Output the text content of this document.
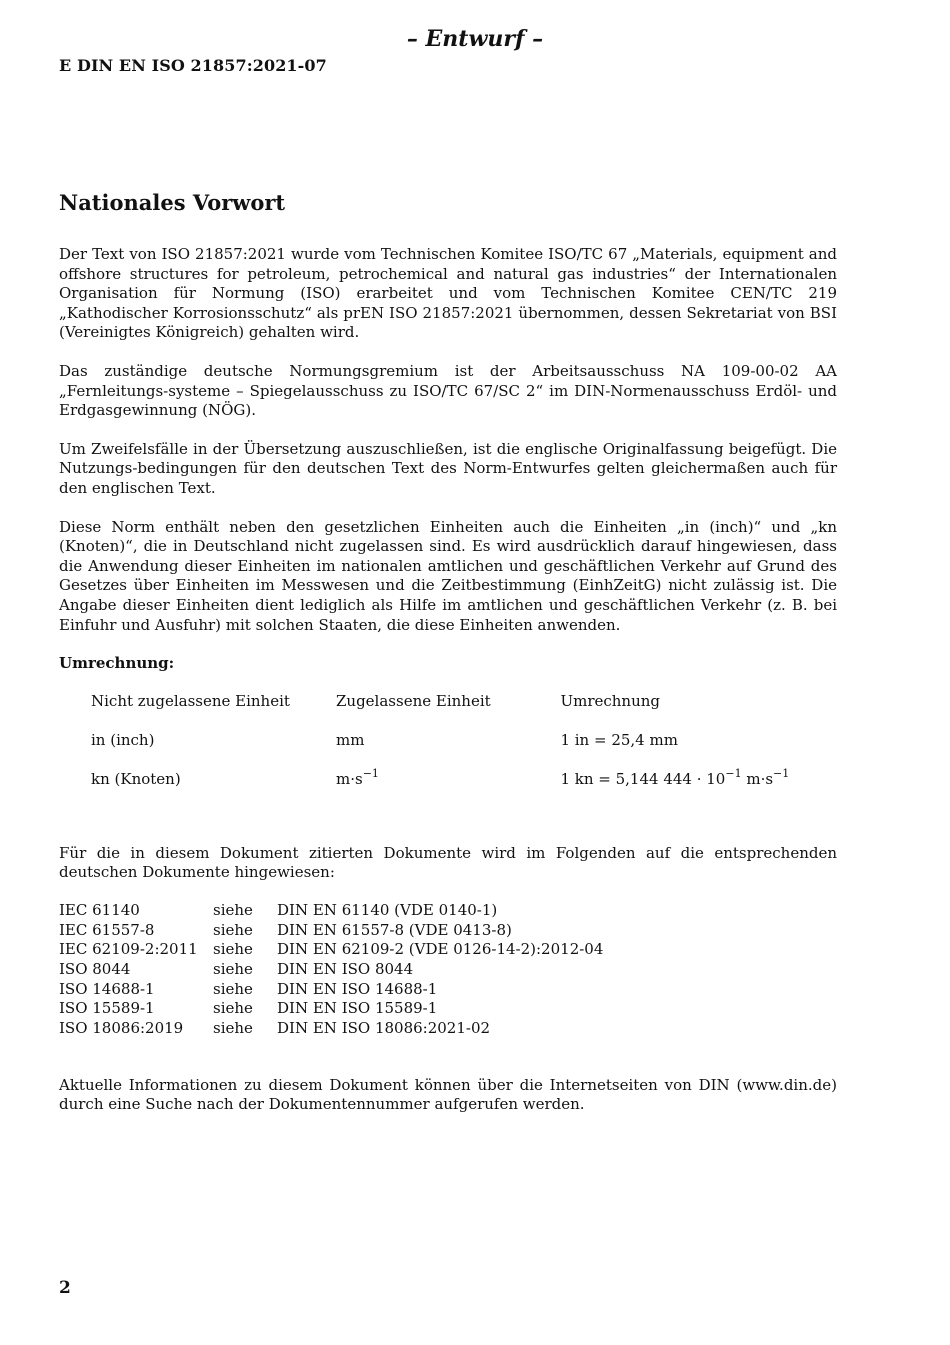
– Entwurf –
E DIN EN ISO 21857:2021-07
Nationales Vorwort

Der Text von ISO 21857:2021 wurde vom Technischen Komitee ISO/TC 67 „Materials, equipment and offshore structures for petroleum, petrochemical and natural gas industries“ der Internationalen Organisation für Normung (ISO) erarbeitet und vom Technischen Komitee CEN/TC 219 „Kathodischer Korrosionsschutz“ als prEN ISO 21857:2021 übernommen, dessen Sekretariat von BSI (Vereinigtes Königreich) gehalten wird.

Das zuständige deutsche Normungsgremium ist der Arbeitsausschuss NA 109-00-02 AA „Fernleitungs-systeme – Spiegelausschuss zu ISO/TC 67/SC 2“ im DIN-Normenausschuss Erdöl- und Erdgasgewinnung (NÖG).

Um Zweifelsfälle in der Übersetzung auszuschließen, ist die englische Originalfassung beigefügt. Die Nutzungs-bedingungen für den deutschen Text des Norm-Entwurfes gelten gleichermaßen auch für den englischen Text.

Diese Norm enthält neben den gesetzlichen Einheiten auch die Einheiten „in (inch)“ und „kn (Knoten)“, die in Deutschland nicht zugelassen sind. Es wird ausdrücklich darauf hingewiesen, dass die Anwendung dieser Einheiten im nationalen amtlichen und geschäftlichen Verkehr auf Grund des Gesetzes über Einheiten im Messwesen und die Zeitbestimmung (EinhZeitG) nicht zulässig ist. Die Angabe dieser Einheiten dient lediglich als Hilfe im amtlichen und geschäftlichen Verkehr (z. B. bei Einfuhr und Ausfuhr) mit solchen Staaten, die diese Einheiten anwenden.

Umrechnung:
Nicht zugelassene Einheit	Zugelassene Einheit	Umrechnung
in (inch)	mm	1 in = 25,4 mm
kn (Knoten)	$m\cdot s^{-1}$	1 kn = 5,144 $444 \cdot 10^{-1}$ $m\cdot s^{-1}$

Für die in diesem Dokument zitierten Dokumente wird im Folgenden auf die entsprechenden deutschen Dokumente hingewiesen:

IEC 61140	siehe	DIN EN 61140 (VDE 0140-1)
IEC 61557-8	siehe	DIN EN 61557-8 (VDE 0413-8)
IEC 62109-2:2011	siehe	DIN EN 62109-2 (VDE 0126-14-2):2012-04
ISO 8044	siehe	DIN EN ISO 8044
ISO 14688-1	siehe	DIN EN ISO 14688-1
ISO 15589-1	siehe	DIN EN ISO 15589-1
ISO 18086:2019	siehe	DIN EN ISO 18086:2021-02

Aktuelle Informationen zu diesem Dokument können über die Internetseiten von DIN (www.din.de) durch eine Suche nach der Dokumentennummer aufgerufen werden.

2
